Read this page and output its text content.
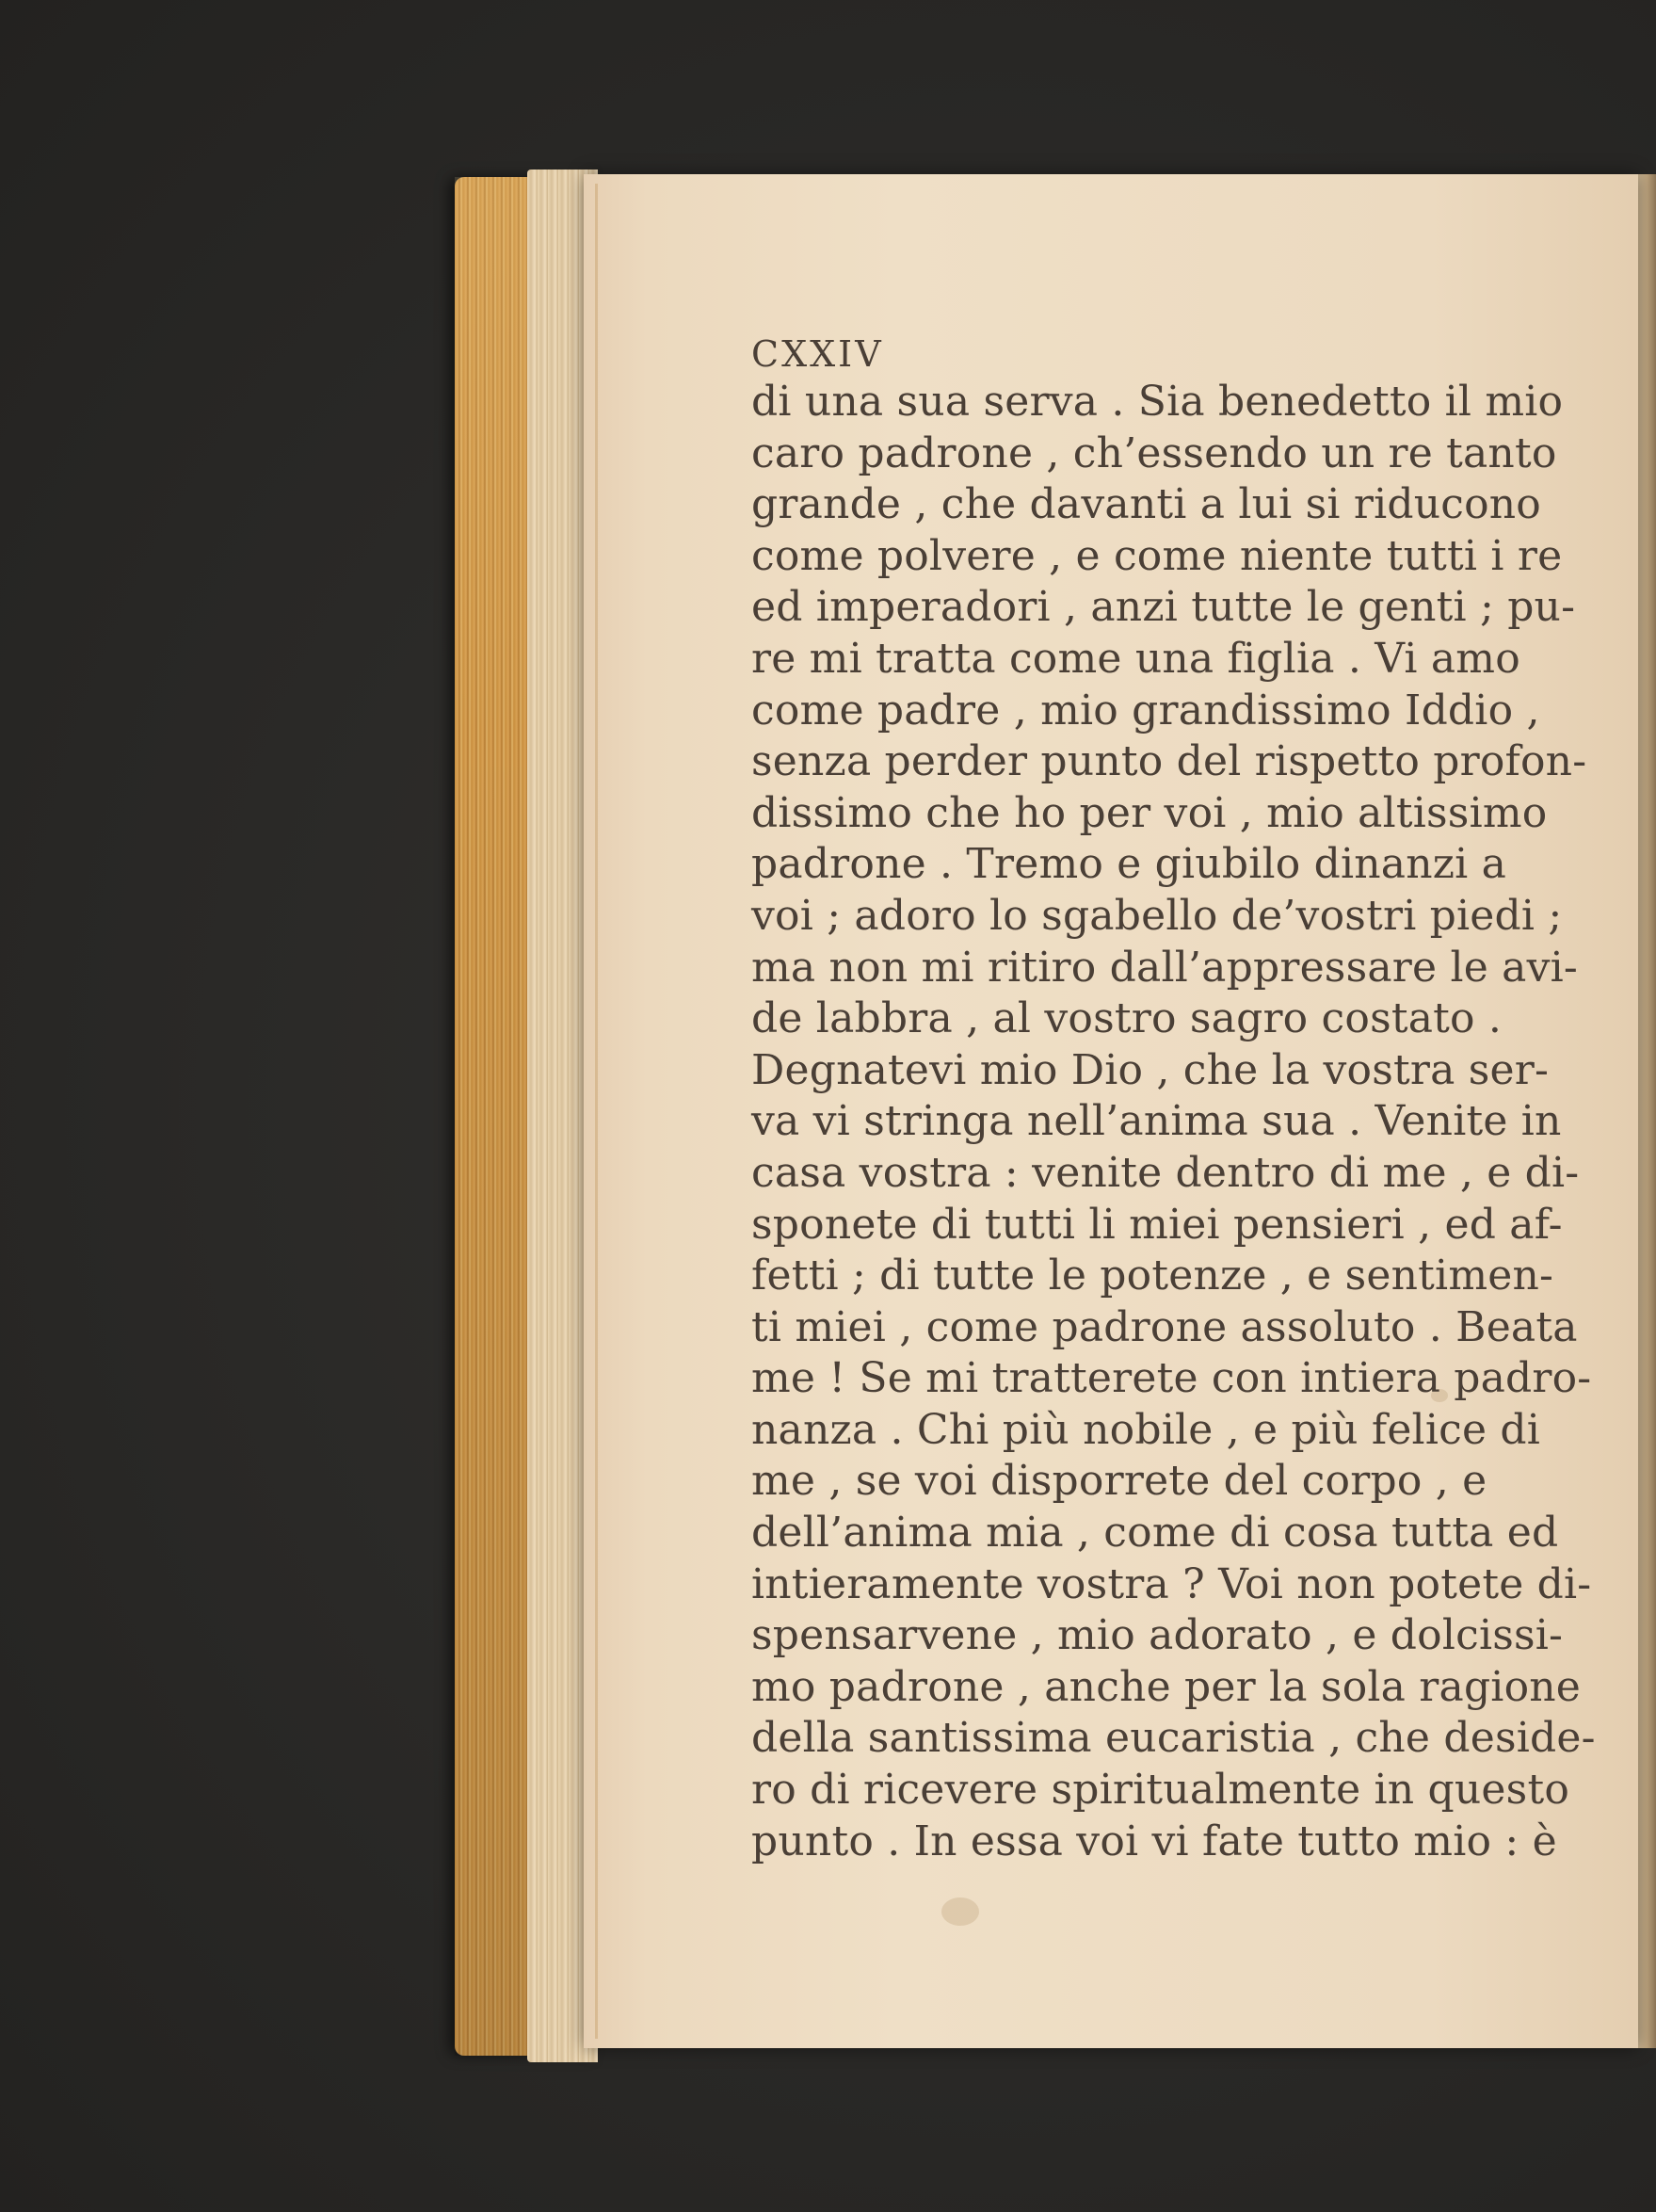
CXXIV
di una sua serva . Sia benedetto il mio
caro padrone , ch’essendo un re tanto
grande , che davanti a lui si riducono
come polvere , e come niente tutti i re
ed imperadori , anzi tutte le genti ; pu-
re mi tratta come una figlia . Vi amo
come padre , mio grandissimo Iddio ,
senza perder punto del rispetto profon-
dissimo che ho per voi , mio altissimo
padrone . Tremo e giubilo dinanzi a
voi ; adoro lo sgabello de’vostri piedi ;
ma non mi ritiro dall’appressare le avi-
de labbra , al vostro sagro costato .
Degnatevi mio Dio , che la vostra ser-
va vi stringa nell’anima sua . Venite in
casa vostra : venite dentro di me , e di-
sponete di tutti li miei pensieri , ed af-
fetti ; di tutte le potenze , e sentimen-
ti miei , come padrone assoluto . Beata
me ! Se mi tratterete con intiera padro-
nanza . Chi più nobile , e più felice di
me , se voi disporrete del corpo , e
dell’anima mia , come di cosa tutta ed
intieramente vostra ? Voi non potete di-
spensarvene , mio adorato , e dolcissi-
mo padrone , anche per la sola ragione
della santissima eucaristia , che deside-
ro di ricevere spiritualmente in questo
punto . In essa voi vi fate tutto mio : è
